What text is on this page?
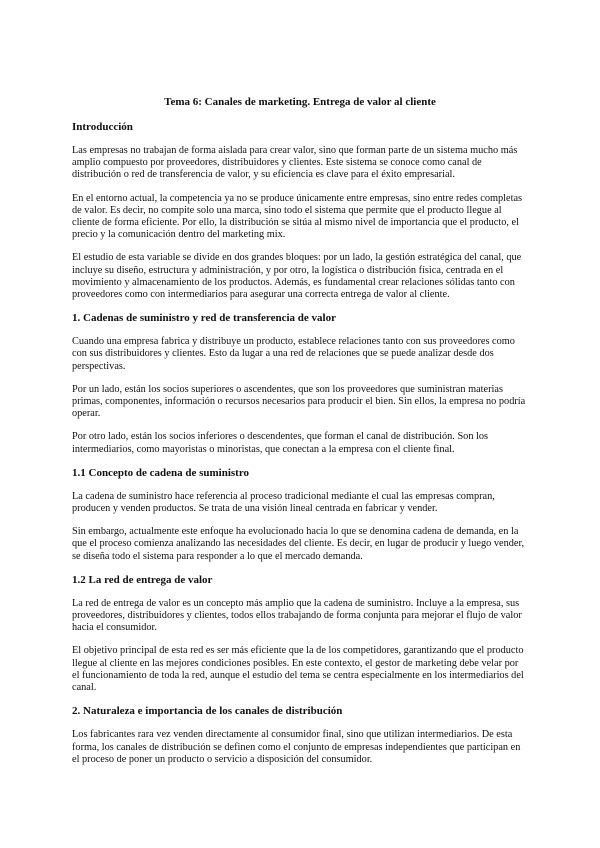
Tema 6: Canales de marketing. Entrega de valor al cliente
Introducción

Las empresas no trabajan de forma aislada para crear valor, sino que forman parte de un sistema mucho más amplio compuesto por proveedores, distribuidores y clientes. Este sistema se conoce como canal de distribución o red de transferencia de valor, y su eficiencia es clave para el éxito empresarial.

En el entorno actual, la competencia ya no se produce únicamente entre empresas, sino entre redes completas de valor. Es decir, no compite solo una marca, sino todo el sistema que permite que el producto llegue al cliente de forma eficiente. Por ello, la distribución se sitúa al mismo nivel de importancia que el producto, el precio y la comunicación dentro del marketing mix.

El estudio de esta variable se divide en dos grandes bloques: por un lado, la gestión estratégica del canal, que incluye su diseño, estructura y administración, y por otro, la logística o distribución física, centrada en el movimiento y almacenamiento de los productos. Además, es fundamental crear relaciones sólidas tanto con proveedores como con intermediarios para asegurar una correcta entrega de valor al cliente.

1. Cadenas de suministro y red de transferencia de valor

Cuando una empresa fabrica y distribuye un producto, establece relaciones tanto con sus proveedores como con sus distribuidores y clientes. Esto da lugar a una red de relaciones que se puede analizar desde dos perspectivas.

Por un lado, están los socios superiores o ascendentes, que son los proveedores que suministran materias primas, componentes, información o recursos necesarios para producir el bien. Sin ellos, la empresa no podría operar.

Por otro lado, están los socios inferiores o descendentes, que forman el canal de distribución. Son los intermediarios, como mayoristas o minoristas, que conectan a la empresa con el cliente final.

1.1 Concepto de cadena de suministro

La cadena de suministro hace referencia al proceso tradicional mediante el cual las empresas compran, producen y venden productos. Se trata de una visión lineal centrada en fabricar y vender.

Sin embargo, actualmente este enfoque ha evolucionado hacia lo que se denomina cadena de demanda, en la que el proceso comienza analizando las necesidades del cliente. Es decir, en lugar de producir y luego vender, se diseña todo el sistema para responder a lo que el mercado demanda.

1.2 La red de entrega de valor

La red de entrega de valor es un concepto más amplio que la cadena de suministro. Incluye a la empresa, sus proveedores, distribuidores y clientes, todos ellos trabajando de forma conjunta para mejorar el flujo de valor hacia el consumidor.

El objetivo principal de esta red es ser más eficiente que la de los competidores, garantizando que el producto llegue al cliente en las mejores condiciones posibles. En este contexto, el gestor de marketing debe velar por el funcionamiento de toda la red, aunque el estudio del tema se centra especialmente en los intermediarios del canal.

2. Naturaleza e importancia de los canales de distribución

Los fabricantes rara vez venden directamente al consumidor final, sino que utilizan intermediarios. De esta forma, los canales de distribución se definen como el conjunto de empresas independientes que participan en el proceso de poner un producto o servicio a disposición del consumidor.
